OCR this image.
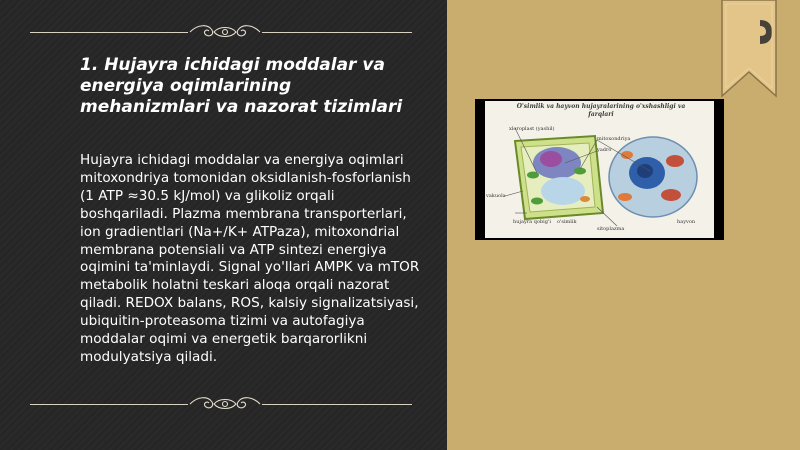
1. Hujayra ichidagi moddalar va energiya oqimlarining mehanizmlari va nazorat tizimlari
Hujayra ichidagi moddalar va energiya oqimlari mitoxondriya tomonidan oksidlanish-fosforlanish (1 ATP ≈30.5 kJ/mol) va glikoliz orqali boshqariladi. Plazma membrana transporterlari, ion gradientlari (Na+/K+ ATPaza), mitoxondrial membrana potensiali va ATP sintezi energiya oqimini ta'minlaydi. Signal yo'llari AMPK va mTOR metabolik holatni teskari aloqa orqali nazorat qiladi. REDOX balans, ROS, kalsiy signalizatsiyasi, ubiquitin-proteasoma tizimi va autofagiya moddalar oqimi va energetik barqarorlikni modulyatsiya qiladi.
O'simlik va hayvon hujayralarining o'xshashligi va farqlari
xloroplast (yashil)
mitoxondriya
yadro
vakuola
hujayra qobig'i
sitoplazma
o'simlik	hayvon
